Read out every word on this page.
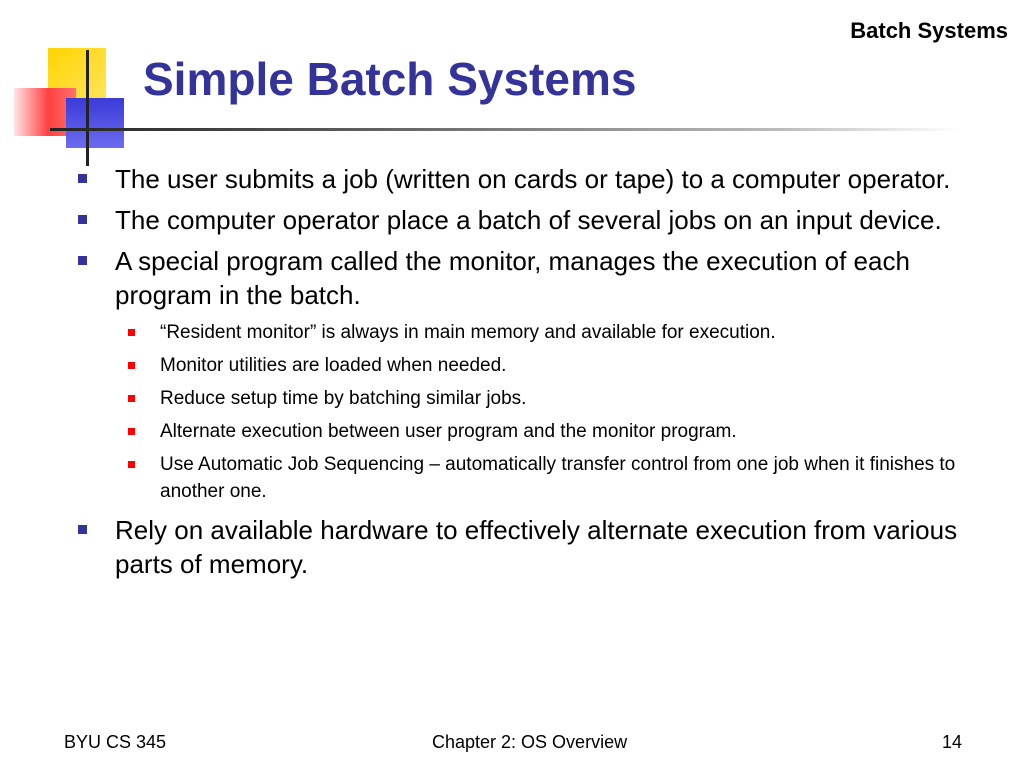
Batch Systems
Simple Batch Systems
The user submits a job (written on cards or tape) to a computer operator.
The computer operator place a batch of several jobs on an input device.
A special program called the monitor, manages the execution of each program in the batch.
“Resident monitor” is always in main memory and available for execution.
Monitor utilities are loaded when needed.
Reduce setup time by batching similar jobs.
Alternate execution between user program and the monitor program.
Use Automatic Job Sequencing – automatically transfer control from one job when it finishes to another one.
Rely on available hardware to effectively alternate execution from various parts of memory.
BYU CS 345	Chapter 2: OS Overview	14
